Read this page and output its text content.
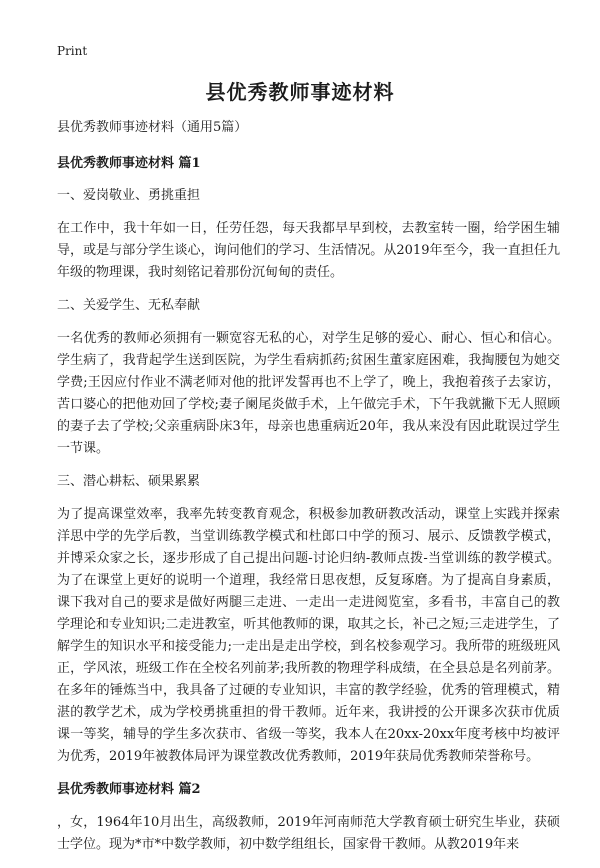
Print
县优秀教师事迹材料
县优秀教师事迹材料（通用5篇）
县优秀教师事迹材料 篇1
一、爱岗敬业、勇挑重担

在工作中，我十年如一日，任劳任怨，每天我都早早到校，去教室转一圈，给学困生辅导，或是与部分学生谈心，询问他们的学习、生活情况。从2019年至今，我一直担任九年级的物理课，我时刻铭记着那份沉甸甸的责任。

二、关爱学生、无私奉献

一名优秀的教师必须拥有一颗宽容无私的心，对学生足够的爱心、耐心、恒心和信心。学生病了，我背起学生送到医院，为学生看病抓药;贫困生董家庭困难，我掏腰包为她交学费;王因应付作业不满老师对他的批评发誓再也不上学了，晚上，我抱着孩子去家访，苦口婆心的把他劝回了学校;妻子阑尾炎做手术，上午做完手术，下午我就撇下无人照顾的妻子去了学校;父亲重病卧床3年，母亲也患重病近20年，我从来没有因此耽误过学生一节课。

三、潜心耕耘、硕果累累

为了提高课堂效率，我率先转变教育观念，积极参加教研教改活动，课堂上实践并探索洋思中学的先学后教，当堂训练教学模式和杜郎口中学的预习、展示、反馈教学模式，并博采众家之长，逐步形成了自己提出问题-讨论归纳-教师点拨-当堂训练的教学模式。为了在课堂上更好的说明一个道理，我经常日思夜想，反复琢磨。为了提高自身素质，课下我对自己的要求是做好两腿三走进、一走出一走进阅览室，多看书，丰富自己的教学理论和专业知识;二走进教室，听其他教师的课，取其之长，补己之短;三走进学生，了解学生的知识水平和接受能力;一走出是走出学校，到名校参观学习。我所带的班级班风正，学风浓，班级工作在全校名列前茅;我所教的物理学科成绩，在全县总是名列前茅。在多年的锤炼当中，我具备了过硬的专业知识，丰富的教学经验，优秀的管理模式，精湛的教学艺术，成为学校勇挑重担的骨干教师。近年来，我讲授的公开课多次获市优质课一等奖，辅导的学生多次获市、省级一等奖，我本人在20xx-20xx年度考核中均被评为优秀，2019年被教体局评为课堂教改优秀教师，2019年获局优秀教师荣誉称号。

县优秀教师事迹材料 篇2

，女，1964年10月出生，高级教师，2019年河南师范大学教育硕士研究生毕业，获硕士学位。现为*市*中数学教师，初中数学组组长，国家骨干教师。从教2019年来
